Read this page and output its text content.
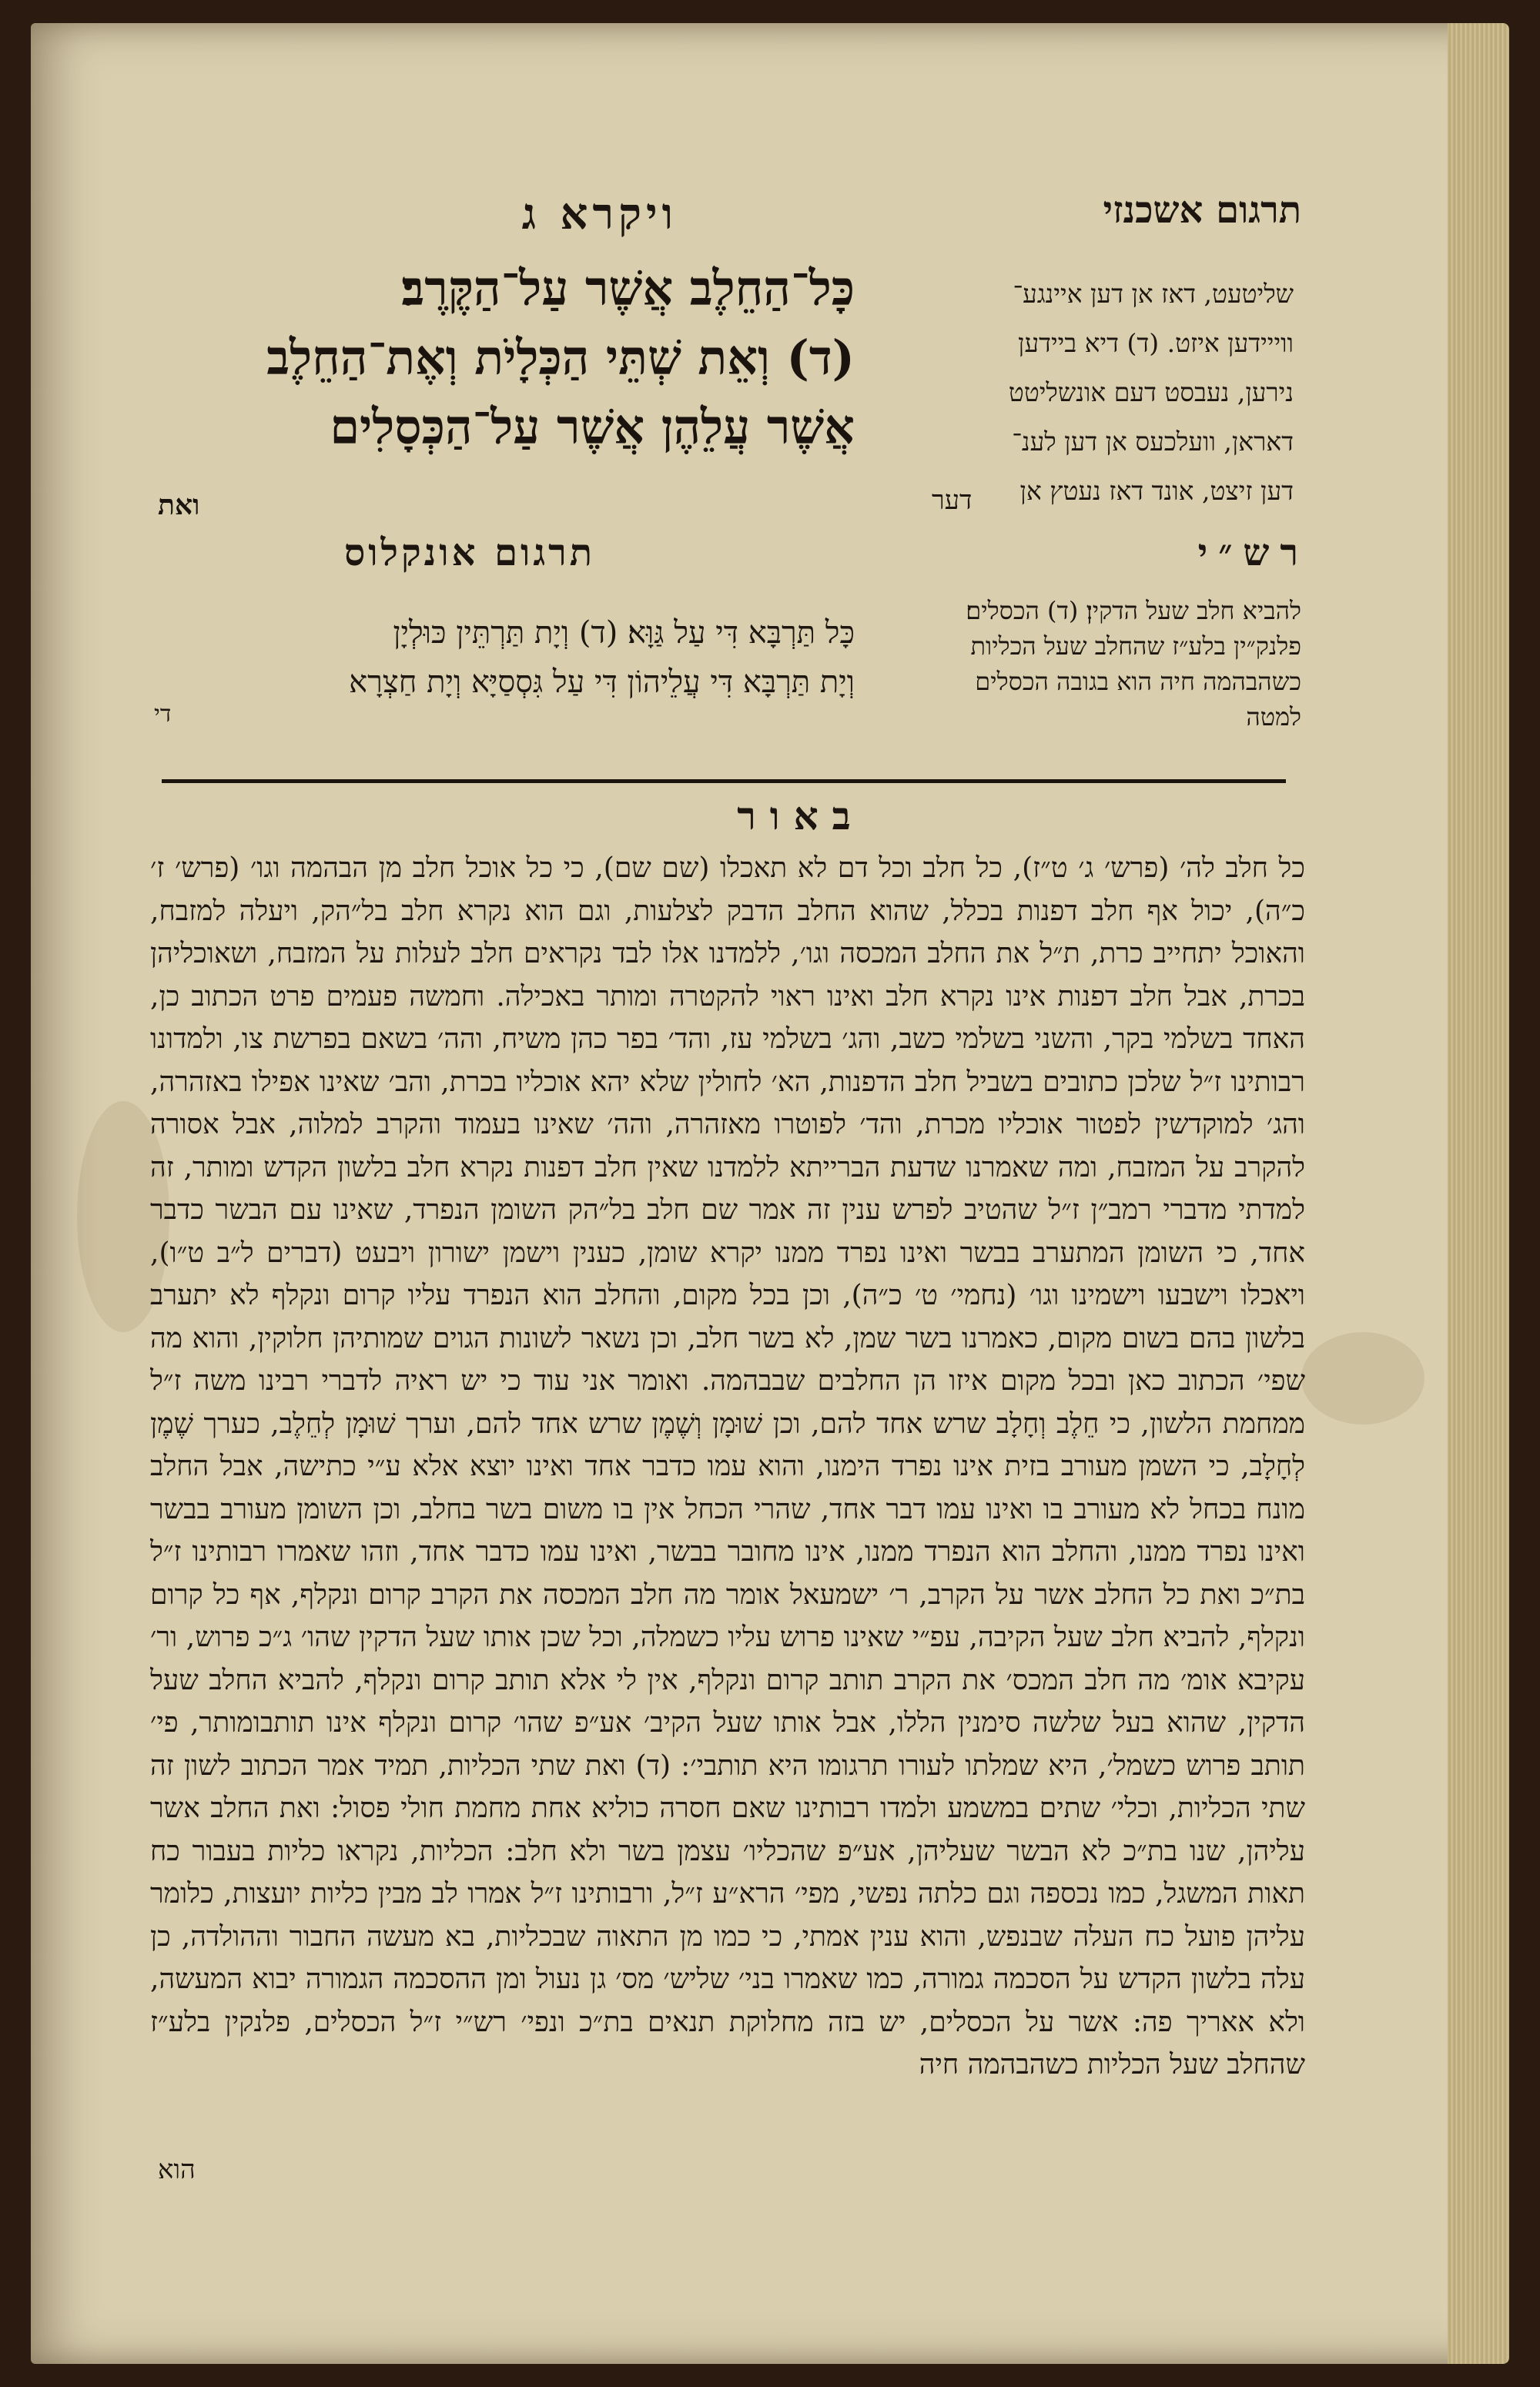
ויקרא ג	תרגום אשכנזי
כָּל־הַחֵלֶב אֲשֶׁר עַל־הַקֶּרֶב׃
(ד) וְאֵת שְׁתֵּי הַכְּלָיֹת וְאֶת־הַחֵלֶב
אֲשֶׁר עֲלֵהֶן אֲשֶׁר עַל־הַכְּסָלִים
ואת
שליטעט, דאז אן דען איינגע־
ווייידען איזט. (ד) דיא ביידען
נירען, נעבסט דעם אונשליטט
דאראן, וועלכעס אן דען לענ־
דען זיצט, אונד דאז נעטץ אן
דער
תרגום אונקלוס
כָּל תַּרְבָּא דִּי עַל גַּוָּא׃ (ד) וְיָת תַּרְתֵּין כּוּלְיָן
וְיָת תַּרְבָּא דִּי עֲלֵיהוֹן דִּי עַל גִּסְסַיָּא וְיָת חַצְרָא
די
רש״י
להביא חלב שעל הדקין׃ (ד) הכסלים׃
פלנק״ין בלע״ז שהחלב שעל הכליות
כשהבהמה חיה הוא בגובה הכסלים
למטה
באור
כל חלב לה׳ (פרש׳ ג׳ ט״ז), כל חלב וכל דם לא תאכלו (שם שם), כי כל אוכל חלב מן הבהמה וגו׳ (פרש׳ ז׳ כ״ה), יכול אף חלב דפנות בכלל, שהוא החלב הדבק לצלעות, וגם הוא נקרא חלב בל״הק, ויעלה למזבח, והאוכל יתחייב כרת, ת״ל את החלב המכסה וגו׳, ללמדנו אלו לבד נקראים חלב לעלות על המזבח, ושאוכליהן בכרת, אבל חלב דפנות אינו נקרא חלב ואינו ראוי להקטרה ומותר באכילה. וחמשה פעמים פרט הכתוב כן, האחד בשלמי בקר, והשני בשלמי כשב, והג׳ בשלמי עז, והד׳ בפר כהן משיח, והה׳ בשאם בפרשת צו, ולמדונו רבותינו ז״ל שלכן כתובים בשביל חלב הדפנות, הא׳ לחולין שלא יהא אוכליו בכרת, והב׳ שאינו אפילו באזהרה, והג׳ למוקדשין לפטור אוכליו מכרת, והד׳ לפוטרו מאזהרה, והה׳ שאינו בעמוד והקרב למלוה, אבל אסורה להקרב על המזבח, ומה שאמרנו שדעת הברייתא ללמדנו שאין חלב דפנות נקרא חלב בלשון הקדש ומותר, זה למדתי מדברי רמב״ן ז״ל שהטיב לפרש ענין זה אמר שם חלב בל״הק השומן הנפרד, שאינו עם הבשר כדבר אחד, כי השומן המתערב בבשר ואינו נפרד ממנו יקרא שומן, כענין וישמן ישורון ויבעט (דברים ל״ב ט״ו), ויאכלו וישבעו וישמינו וגו׳ (נחמי׳ ט׳ כ״ה), וכן בכל מקום, והחלב הוא הנפרד עליו קרום ונקלף לא יתערב בלשון בהם בשום מקום, כאמרנו בשר שמן, לא בשר חלב, וכן נשאר לשונות הגוים שמותיהן חלוקין, והוא מה שפי׳ הכתוב כאן ובכל מקום איזו הן החלבים שבבהמה. ואומר אני עוד כי יש ראיה לדברי רבינו משה ז״ל ממחמת הלשון, כי חֵלֶב וְחָלָב שרש אחד להם, וכן שׁוּמָן וְשֶׁמֶן שרש אחד להם, וערך שׁוּמָן לְחֵלֶב, כערך שֶׁמֶן לְחָלָב, כי השמן מעורב בזית אינו נפרד הימנו, והוא עמו כדבר אחד ואינו יוצא אלא ע״י כתישה, אבל החלב מונח בכחל לא מעורב בו ואינו עמו דבר אחד, שהרי הכחל אין בו משום בשר בחלב, וכן השומן מעורב בבשר ואינו נפרד ממנו, והחלב הוא הנפרד ממנו, אינו מחובר בבשר, ואינו עמו כדבר אחד, וזהו שאמרו רבותינו ז״ל בת״כ ואת כל החלב אשר על הקרב, ר׳ ישמעאל אומר מה חלב המכסה את הקרב קרום ונקלף, אף כל קרום ונקלף, להביא חלב שעל הקיבה, עפ״י שאינו פרוש עליו כשמלה, וכל שכן אותו שעל הדקין שהו׳ ג״כ פרוש, ור׳ עקיבא אומ׳ מה חלב המכס׳ את הקרב תותב קרום ונקלף, אין לי אלא תותב קרום ונקלף, להביא החלב שעל הדקין, שהוא בעל שלשה סימנין הללו, אבל אותו שעל הקיב׳ אע״פ שהו׳ קרום ונקלף אינו תותבומותר, פי׳ תותב פרוש כשמל׳, היא שמלתו לעורו תרגומו היא תותבי׳: (ד) ואת שתי הכליות, תמיד אמר הכתוב לשון זה שתי הכליות, וכלי׳ שתים במשמע ולמדו רבותינו שאם חסרה כוליא אחת מחמת חולי פסול: ואת החלב אשר עליהן, שנו בת״כ לא הבשר שעליהן, אע״פ שהכליו׳ עצמן בשר ולא חלב: הכליות, נקראו כליות בעבור כח תאות המשגל, כמו נכספה וגם כלתה נפשי, מפי׳ הרא״ע ז״ל, ורבותינו ז״ל אמרו לב מבין כליות יועצות, כלומר עליהן פועל כח העלה שבנפש, והוא ענין אמתי, כי כמו מן התאוה שבכליות, בא מעשה החבור וההולדה, כן עלה בלשון הקדש על הסכמה גמורה, כמו שאמרו בני׳ שליש׳ מס׳ גן נעול ומן ההסכמה הגמורה יבוא המעשה, ולא אאריך פה: אשר על הכסלים, יש בזה מחלוקת תנאים בת״כ ונפי׳ רש״י ז״ל הכסלים, פלנקין בלע״ז שהחלב שעל הכליות כשהבהמה חיה
הוא
